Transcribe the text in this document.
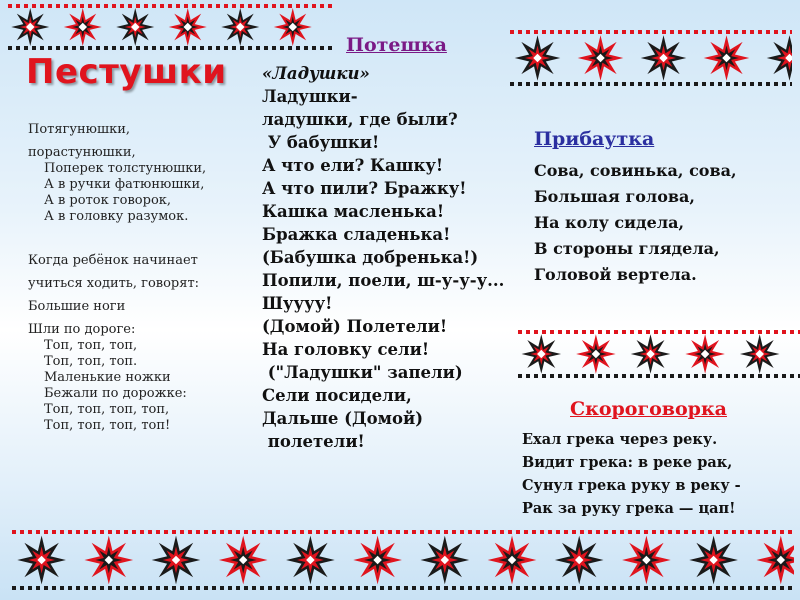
Пестушки
Потягунюшки,
порастунюшки,
Поперек толстунюшки,
А в ручки фатюнюшки,
А в роток говорок,
А в головку разумок.
Когда ребёнок начинает
учиться ходить, говорят:
Большие ноги
Шли по дороге:
Топ, топ, топ,
Топ, топ, топ.
Маленькие ножки
Бежали по дорожке:
Топ, топ, топ, топ,
Топ, топ, топ, топ!
Потешка
«Ладушки»
Ладушки-
ладушки, где были?
У бабушки!
А что ели? Кашку!
А что пили? Бражку!
Кашка масленька!
Бражка сладенька!
(Бабушка добренька!)
Попили, поели, ш-у-у-у...
Шуууу!
(Домой) Полетели!
На головку сели!
("Ладушки" запели)
Сели посидели,
Дальше (Домой)
полетели!
Прибаутка
Сова, совинька, сова,
Большая голова,
На колу сидела,
В стороны глядела,
Головой вертела.
Скороговорка
Ехал грека через реку.
Видит грека: в реке рак,
Сунул грека руку в реку -
Рак за руку грека — цап!
